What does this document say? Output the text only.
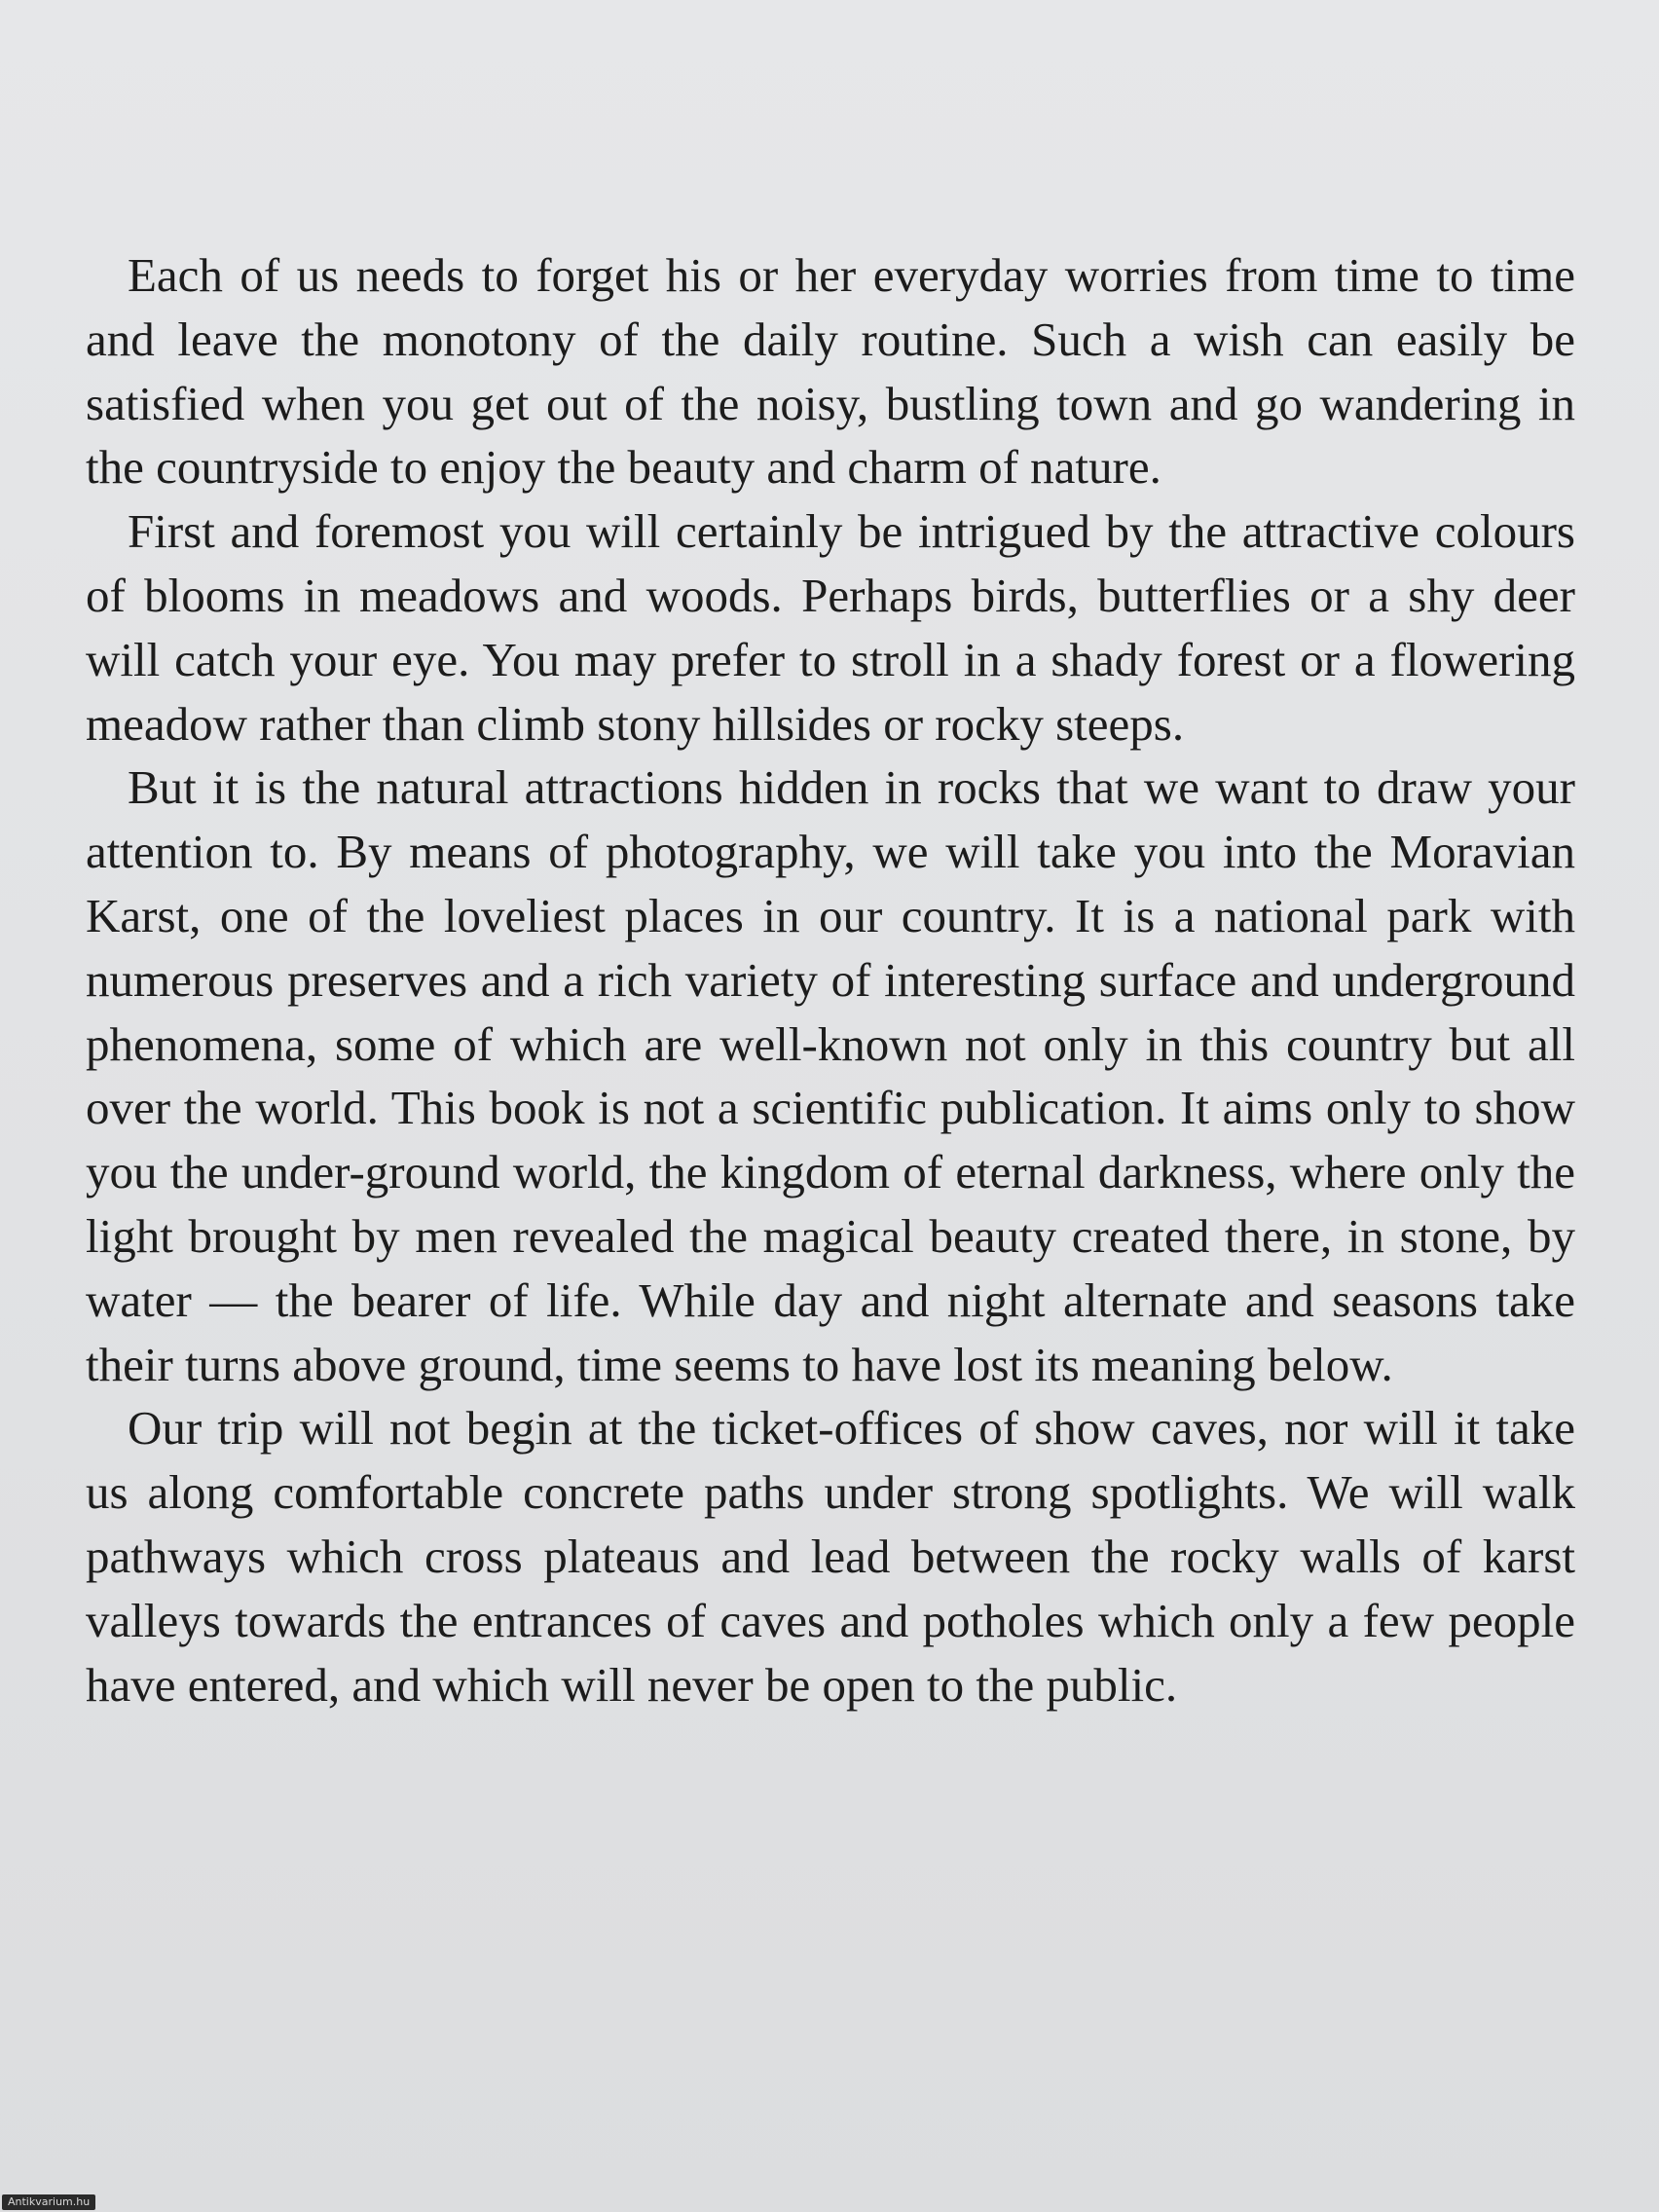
Each of us needs to forget his or her everyday worries from time to time and leave the monotony of the daily routine. Such a wish can easily be satisfied when you get out of the noisy, bustling town and go wandering in the countryside to enjoy the beauty and charm of nature.

First and foremost you will certainly be intrigued by the attractive colours of blooms in meadows and woods. Perhaps birds, butterflies or a shy deer will catch your eye. You may prefer to stroll in a shady forest or a flowering meadow rather than climb stony hillsides or rocky steeps.

But it is the natural attractions hidden in rocks that we want to draw your attention to. By means of photography, we will take you into the Moravian Karst, one of the loveliest places in our country. It is a national park with numerous preserves and a rich variety of interesting surface and underground phenomena, some of which are well-known not only in this country but all over the world. This book is not a scientific publication. It aims only to show you the under-ground world, the kingdom of eternal darkness, where only the light brought by men revealed the magical beauty created there, in stone, by water — the bearer of life. While day and night alternate and seasons take their turns above ground, time seems to have lost its meaning below.

Our trip will not begin at the ticket-offices of show caves, nor will it take us along comfortable concrete paths under strong spotlights. We will walk pathways which cross plateaus and lead between the rocky walls of karst valleys towards the entrances of caves and potholes which only a few people have entered, and which will never be open to the public.

Antikvarium.hu
